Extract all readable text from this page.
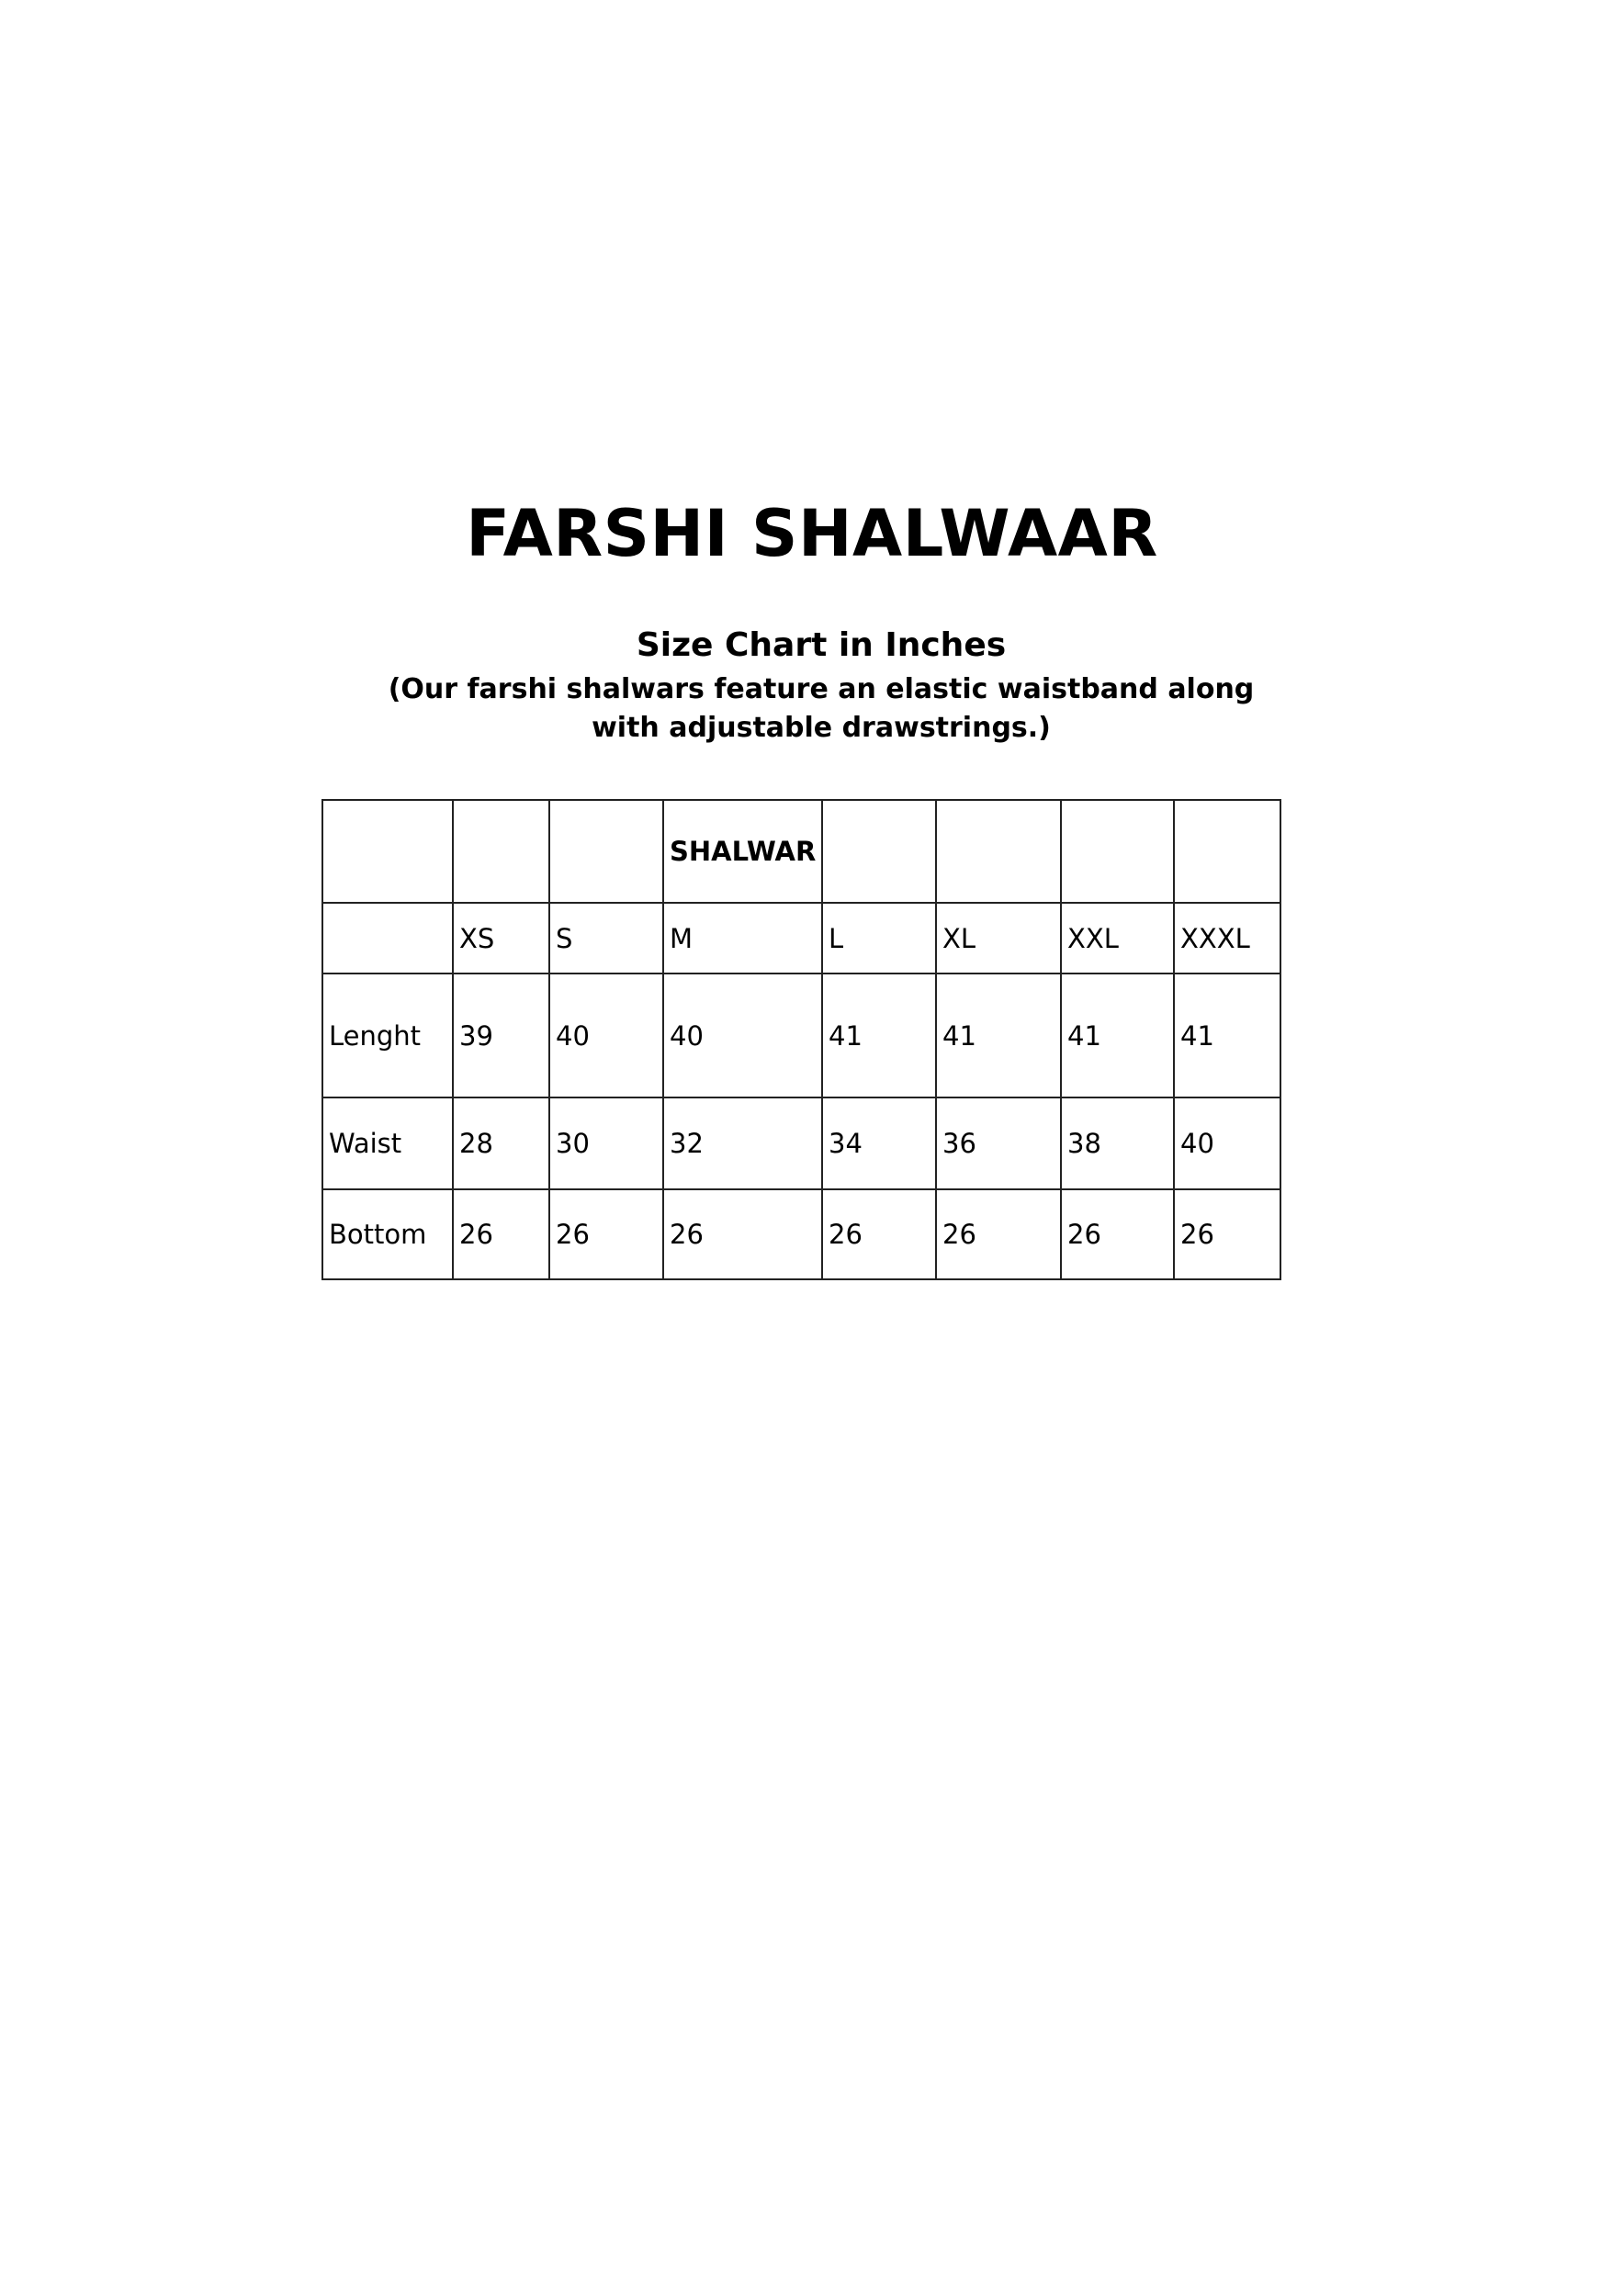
FARSHI SHALWAAR
Size Chart in Inches
(Our farshi shalwars feature an elastic waistband along
with adjustable drawstrings.)
			SHALWAR				
	XS	S	M	L	XL	XXL	XXXL
Lenght	39	40	40	41	41	41	41
Waist	28	30	32	34	36	38	40
Bottom	26	26	26	26	26	26	26
